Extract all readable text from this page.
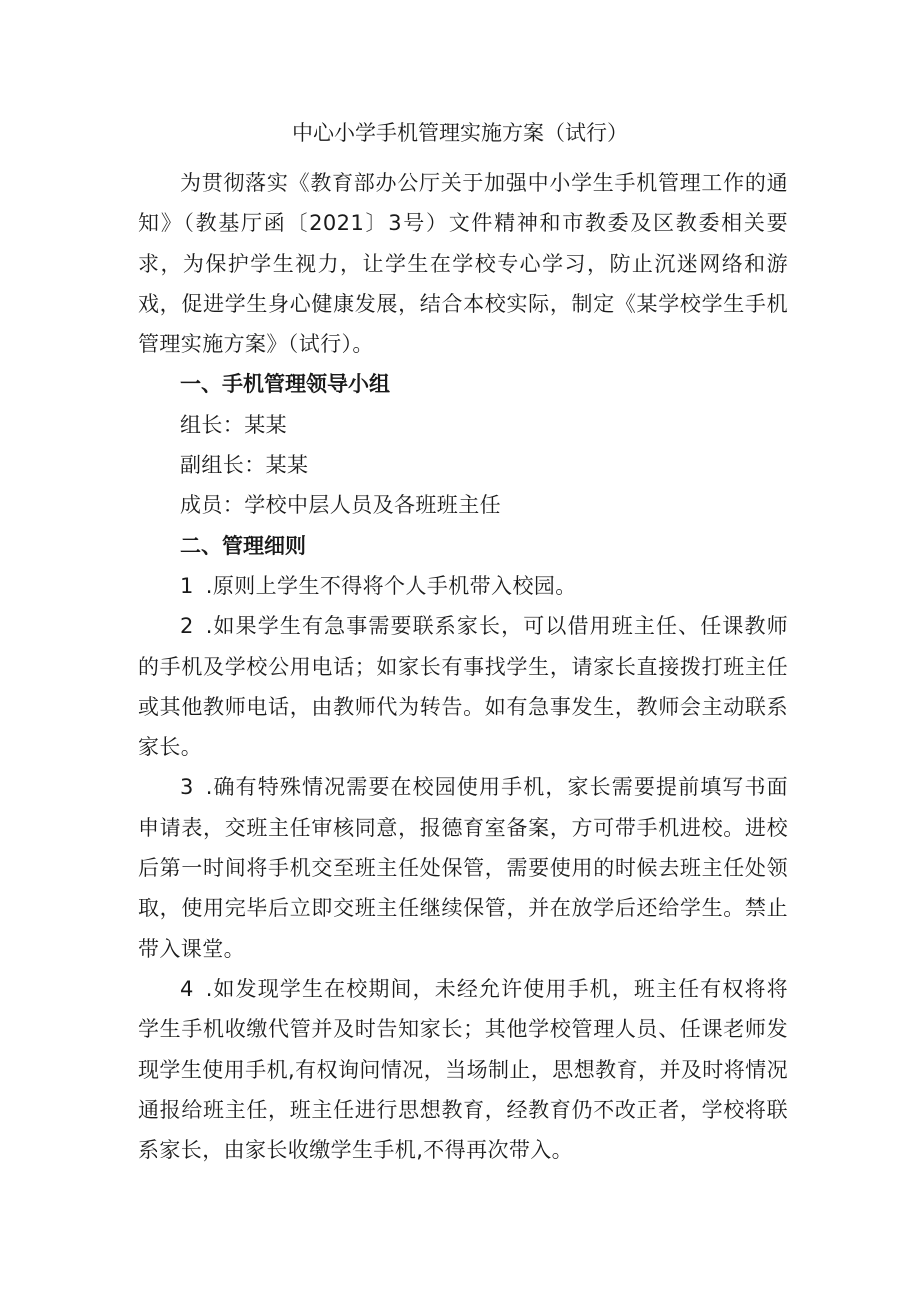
中心小学手机管理实施方案（试行）

为贯彻落实《教育部办公厅关于加强中小学生手机管理工作的通知》（教基厅函〔2021〕3号）文件精神和市教委及区教委相关要求，为保护学生视力，让学生在学校专心学习，防止沉迷网络和游戏，促进学生身心健康发展，结合本校实际，制定《某学校学生手机管理实施方案》（试行）。

一、手机管理领导小组

组长：某某

副组长：某某

成员：学校中层人员及各班班主任

二、管理细则

1 .原则上学生不得将个人手机带入校园。

2 .如果学生有急事需要联系家长，可以借用班主任、任课教师的手机及学校公用电话；如家长有事找学生，请家长直接拨打班主任或其他教师电话，由教师代为转告。如有急事发生，教师会主动联系家长。

3 .确有特殊情况需要在校园使用手机，家长需要提前填写书面申请表，交班主任审核同意，报德育室备案，方可带手机进校。进校后第一时间将手机交至班主任处保管，需要使用的时候去班主任处领取，使用完毕后立即交班主任继续保管，并在放学后还给学生。禁止带入课堂。

4 .如发现学生在校期间，未经允许使用手机，班主任有权将将学生手机收缴代管并及时告知家长；其他学校管理人员、任课老师发现学生使用手机,有权询问情况，当场制止，思想教育，并及时将情况通报给班主任，班主任进行思想教育，经教育仍不改正者，学校将联系家长，由家长收缴学生手机,不得再次带入。
